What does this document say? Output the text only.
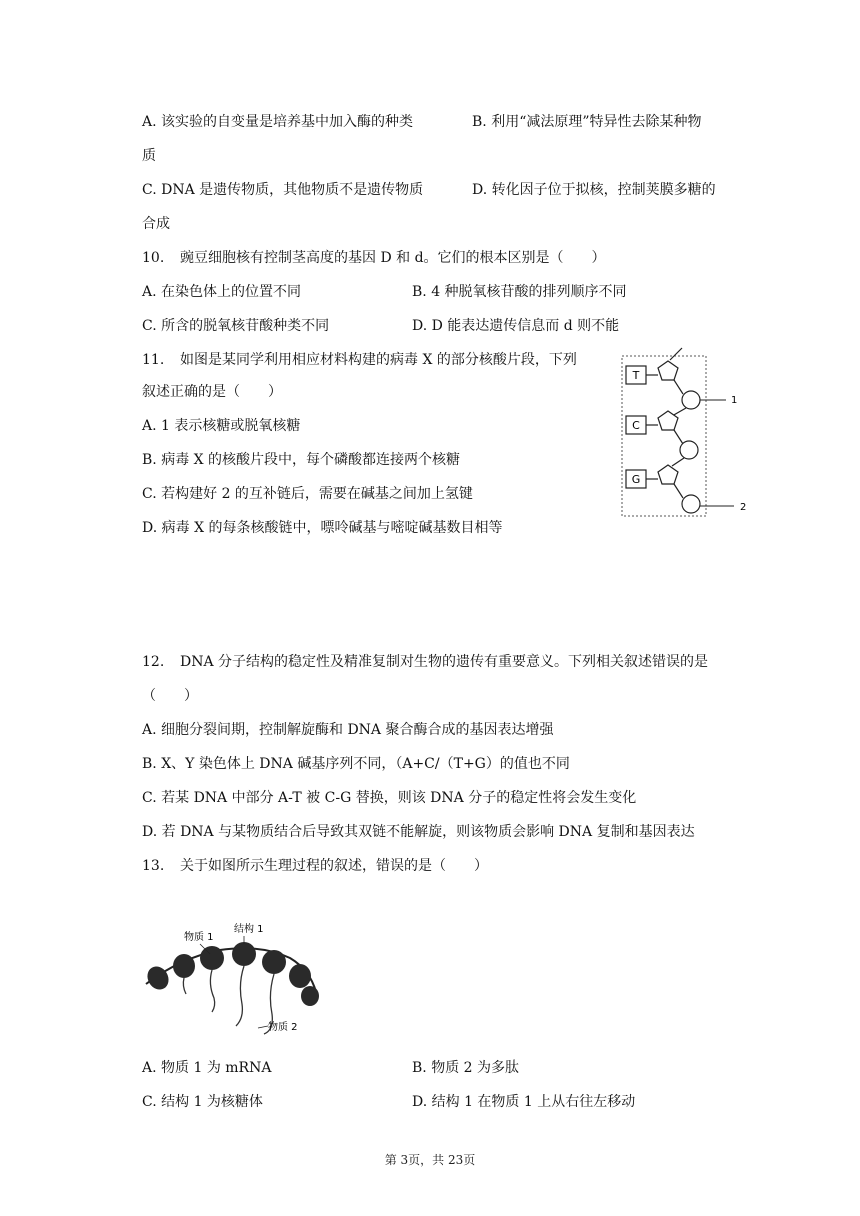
A. 该实验的自变量是培养基中加入酶的种类	B. 利用“减法原理”特异性去除某种物
质
C. DNA 是遗传物质，其他物质不是遗传物质	D. 转化因子位于拟核，控制荚膜多糖的
合成
10. 豌豆细胞核有控制茎高度的基因 D 和 d。它们的根本区别是（　　）
A. 在染色体上的位置不同	B. 4 种脱氧核苷酸的排列顺序不同
C. 所含的脱氧核苷酸种类不同	D. D 能表达遗传信息而 d 则不能
11. 如图是某同学利用相应材料构建的病毒 X 的部分核酸片段，下列
叙述正确的是（　　）
A. 1 表示核糖或脱氧核糖
B. 病毒 X 的核酸片段中，每个磷酸都连接两个核糖
C. 若构建好 2 的互补链后，需要在碱基之间加上氢键
D. 病毒 X 的每条核酸链中，嘌呤碱基与嘧啶碱基数目相等
T
C
G
1
2
12. DNA 分子结构的稳定性及精准复制对生物的遗传有重要意义。下列相关叙述错误的是
（　　）
A. 细胞分裂间期，控制解旋酶和 DNA 聚合酶合成的基因表达增强
B. X、Y 染色体上 DNA 碱基序列不同，（A+C/（T+G）的值也不同
C. 若某 DNA 中部分 A-T 被 C-G 替换，则该 DNA 分子的稳定性将会发生变化
D. 若 DNA 与某物质结合后导致其双链不能解旋，则该物质会影响 DNA 复制和基因表达
13. 关于如图所示生理过程的叙述，错误的是（　　）
物质 1
结构 1
物质 2
A. 物质 1 为 mRNA	B. 物质 2 为多肽
C. 结构 1 为核糖体	D. 结构 1 在物质 1 上从右往左移动
第 3页，共 23页
